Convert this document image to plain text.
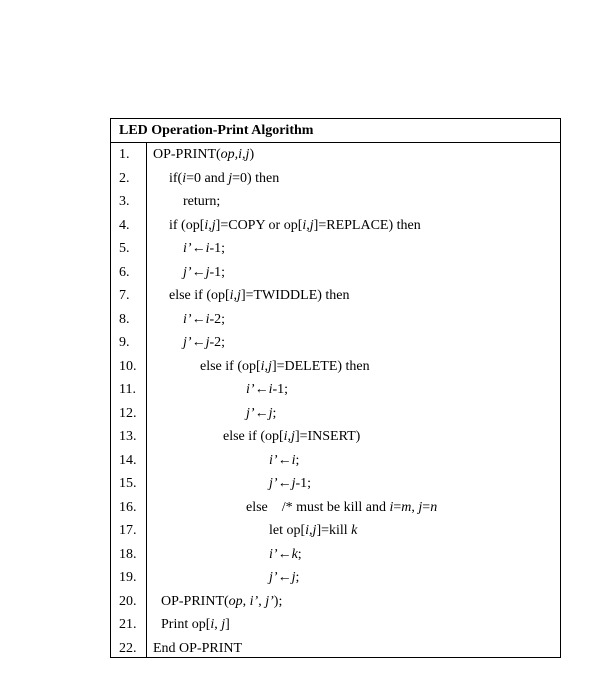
LED Operation-Print Algorithm
1.
2.
3.
4.
5.
6.
7.
8.
9.
10.
11.
12.
13.
14.
15.
16.
17.
18.
19.
20.
21.
22.
OP-PRINT(op,i,j)
if(i=0 and j=0) then
return;
if (op[i,j]=COPY or op[i,j]=REPLACE) then
i’←i-1;
j’←j-1;
else if (op[i,j]=TWIDDLE) then
i’←i-2;
j’←j-2;
else if (op[i,j]=DELETE) then
i’←i-1;
j’←j;
else if (op[i,j]=INSERT)
i’←i;
j’←j-1;
else    /* must be kill and i=m, j=n
let op[i,j]=kill k
i’←k;
j’←j;
OP-PRINT(op, i’, j’);
Print op[i, j]
End OP-PRINT
